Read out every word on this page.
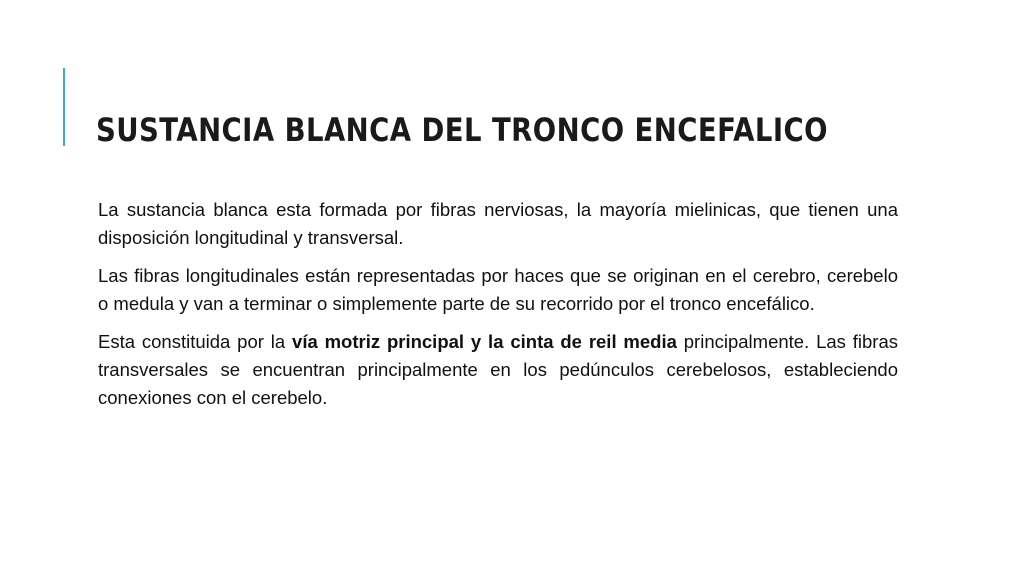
SUSTANCIA BLANCA DEL TRONCO ENCEFALICO

La sustancia blanca esta formada por fibras nerviosas, la mayoría mielinicas, que tienen una disposición longitudinal y transversal.

Las fibras longitudinales están representadas por haces que se originan en el cerebro, cerebelo o medula y van a terminar o simplemente parte de su recorrido por el tronco encefálico.

Esta constituida por la vía motriz principal y la cinta de reil media principalmente. Las fibras transversales se encuentran principalmente en los pedúnculos cerebelosos, estableciendo conexiones con el cerebelo.
